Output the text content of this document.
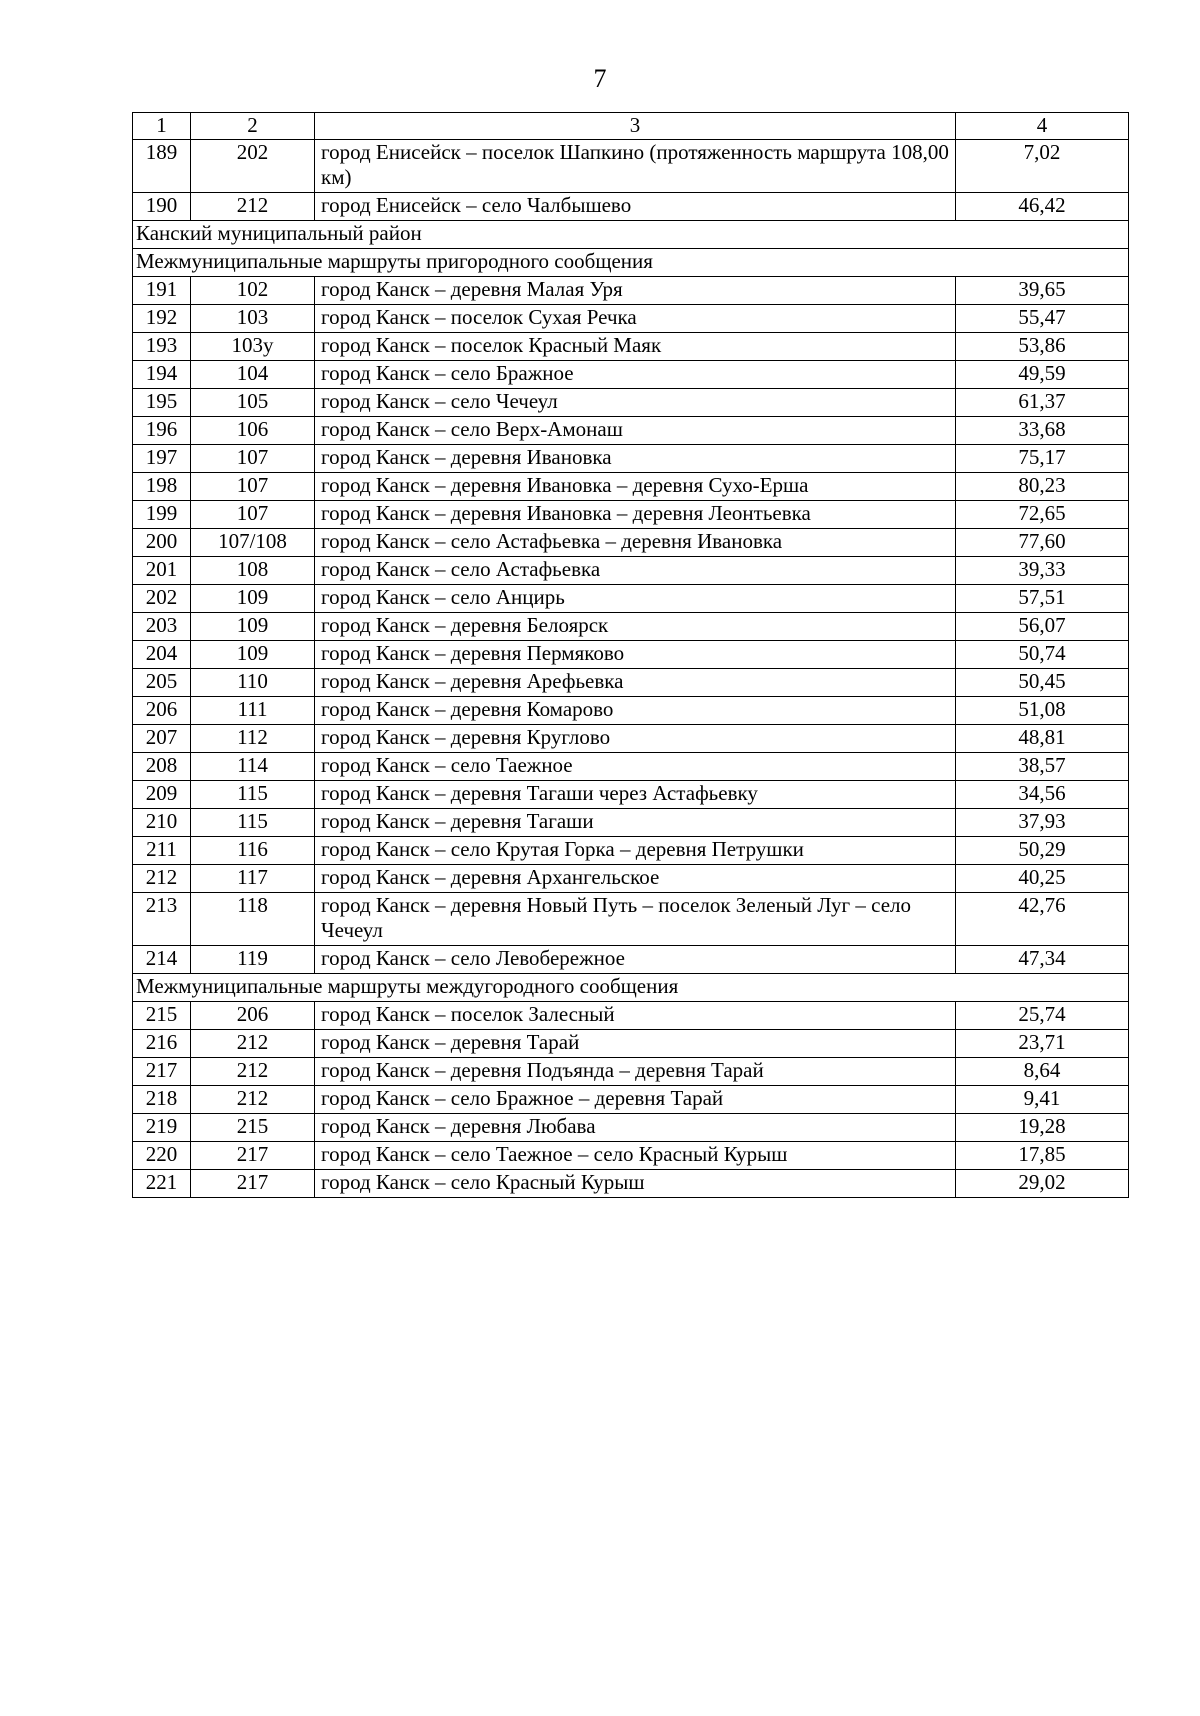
7
1	2	3	4
189	202	город Енисейск – поселок Шапкино (протяженность маршрута 108,00 км)	7,02
190	212	город Енисейск – село Чалбышево	46,42
Канский муниципальный район			
Межмуниципальные маршруты пригородного сообщения			
191	102	город Канск – деревня Малая Уря	39,65
192	103	город Канск – поселок Сухая Речка	55,47
193	103у	город Канск – поселок Красный Маяк	53,86
194	104	город Канск – село Бражное	49,59
195	105	город Канск – село Чечеул	61,37
196	106	город Канск – село Верх-Амонаш	33,68
197	107	город Канск – деревня Ивановка	75,17
198	107	город Канск – деревня Ивановка – деревня Сухо-Ерша	80,23
199	107	город Канск – деревня Ивановка – деревня Леонтьевка	72,65
200	107/108	город Канск – село Астафьевка – деревня Ивановка	77,60
201	108	город Канск – село Астафьевка	39,33
202	109	город Канск – село Анцирь	57,51
203	109	город Канск – деревня Белоярск	56,07
204	109	город Канск – деревня Пермяково	50,74
205	110	город Канск – деревня Арефьевка	50,45
206	111	город Канск – деревня Комарово	51,08
207	112	город Канск – деревня Круглово	48,81
208	114	город Канск – село Таежное	38,57
209	115	город Канск – деревня Тагаши через Астафьевку	34,56
210	115	город Канск – деревня Тагаши	37,93
211	116	город Канск – село Крутая Горка – деревня Петрушки	50,29
212	117	город Канск – деревня Архангельское	40,25
213	118	город Канск – деревня Новый Путь – поселок Зеленый Луг – село Чечеул	42,76
214	119	город Канск – село Левобережное	47,34
Межмуниципальные маршруты междугородного сообщения			
215	206	город Канск – поселок Залесный	25,74
216	212	город Канск – деревня Тарай	23,71
217	212	город Канск – деревня Подъянда – деревня Тарай	8,64
218	212	город Канск – село Бражное – деревня Тарай	9,41
219	215	город Канск – деревня Любава	19,28
220	217	город Канск – село Таежное – село Красный Курыш	17,85
221	217	город Канск – село Красный Курыш	29,02
